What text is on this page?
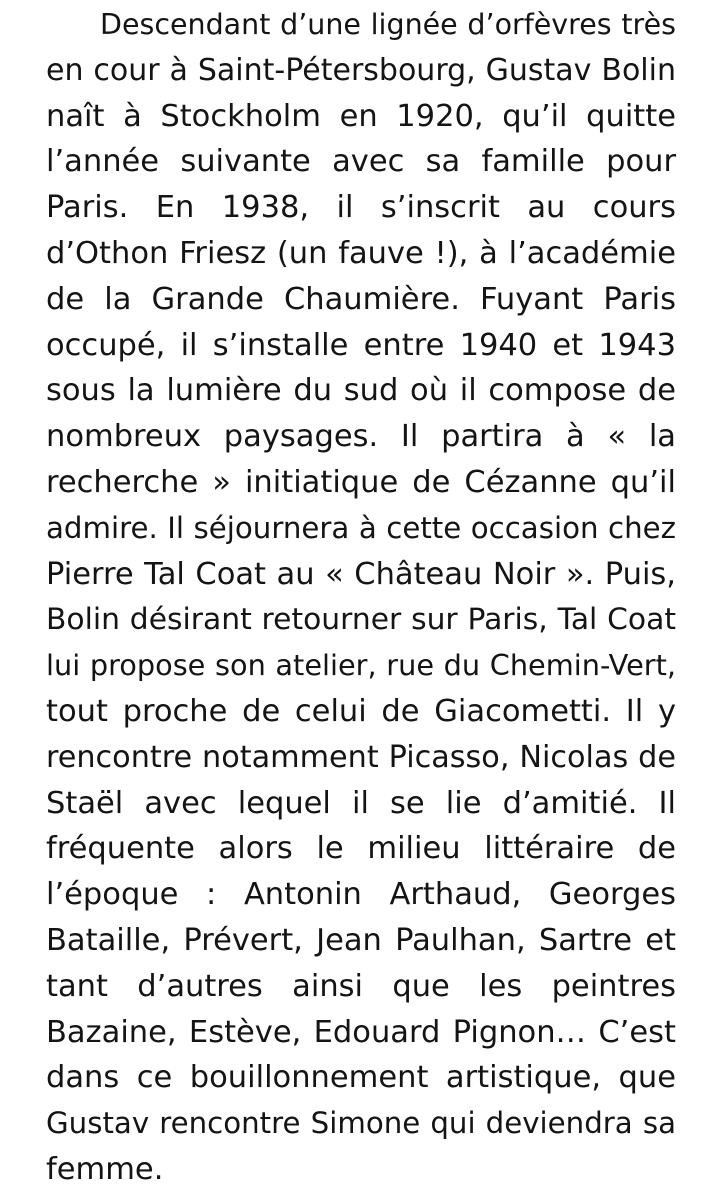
Descendant d’une lignée d’orfèvres très
en cour à Saint-Pétersbourg, Gustav Bolin
naît à Stockholm en 1920, qu’il quitte
l’année suivante avec sa famille pour
Paris. En 1938, il s’inscrit au cours
d’Othon Friesz (un fauve !), à l’académie
de la Grande Chaumière. Fuyant Paris
occupé, il s’installe entre 1940 et 1943
sous la lumière du sud où il compose de
nombreux paysages. Il partira à « la
recherche » initiatique de Cézanne qu’il
admire. Il séjournera à cette occasion chez
Pierre Tal Coat au « Château Noir ». Puis,
Bolin désirant retourner sur Paris, Tal Coat
lui propose son atelier, rue du Chemin-Vert,
tout proche de celui de Giacometti. Il y
rencontre notamment Picasso, Nicolas de
Staël avec lequel il se lie d’amitié. Il
fréquente alors le milieu littéraire de
l’époque : Antonin Arthaud, Georges
Bataille, Prévert, Jean Paulhan, Sartre et
tant d’autres ainsi que les peintres
Bazaine, Estève, Edouard Pignon… C’est
dans ce bouillonnement artistique, que
Gustav rencontre Simone qui deviendra sa
femme.
